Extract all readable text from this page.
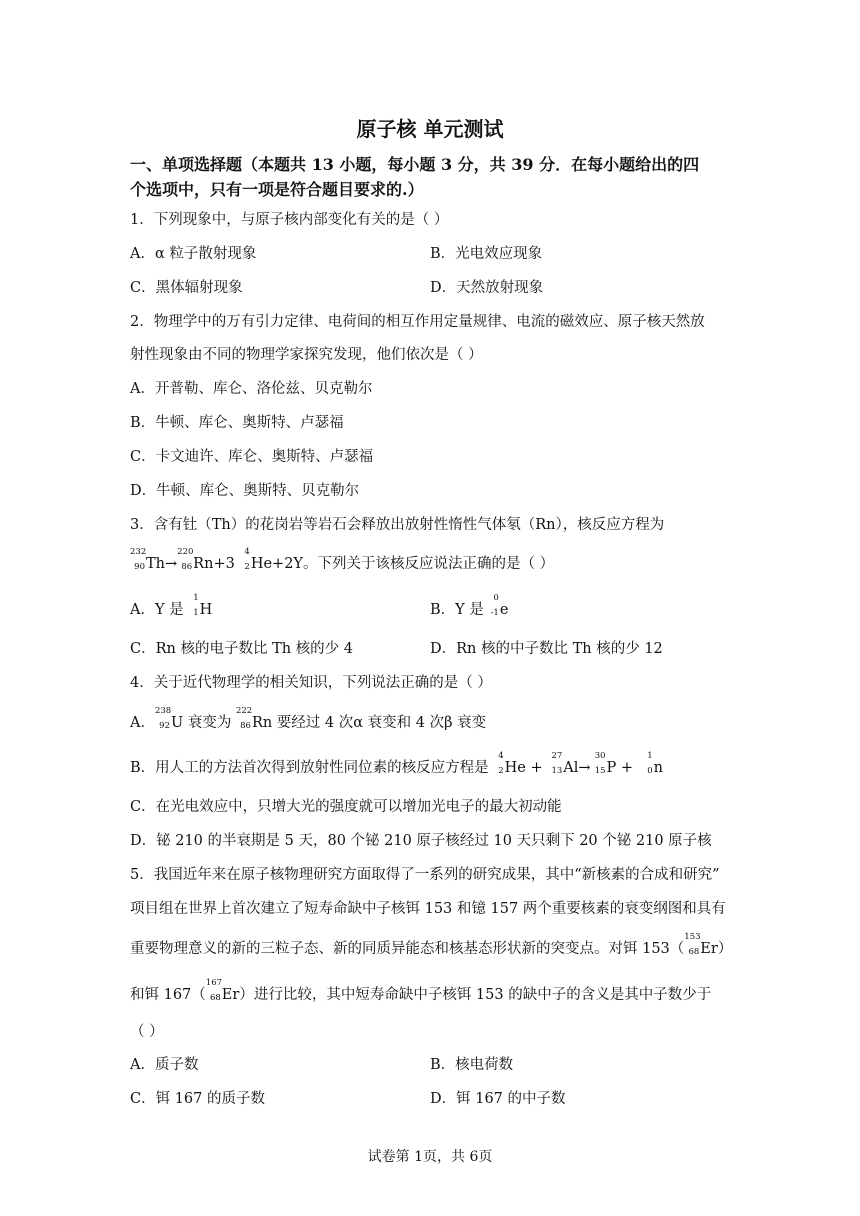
原子核 单元测试
一、单项选择题（本题共 13 小题，每小题 3 分，共 39 分．在每小题给出的四
个选项中，只有一项是符合题目要求的.）
1．下列现象中，与原子核内部变化有关的是（ ）
A．α 粒子散射现象	B．光电效应现象
C．黑体辐射现象	D．天然放射现象
2．物理学中的万有引力定律、电荷间的相互作用定量规律、电流的磁效应、原子核天然放
射性现象由不同的物理学家探究发现，他们依次是（ ）
A．开普勒、库仑、洛伦兹、贝克勒尔
B．牛顿、库仑、奥斯特、卢瑟福
C．卡文迪许、库仑、奥斯特、卢瑟福
D．牛顿、库仑、奥斯特、贝克勒尔
3．含有钍（Th）的花岗岩等岩石会释放出放射性惰性气体氡（Rn），核反应方程为
232
90 Th→
220
86 Rn+3
4
2 He+2Y。下列关于该核反应说法正确的是（ ）
A．Y 是
1
1 H	B．Y 是
0
-1 e
C．Rn 核的电子数比 Th 核的少 4	D．Rn 核的中子数比 Th 核的少 12
4．关于近代物理学的相关知识，下列说法正确的是（ ）
A．
238
92 U 衰变为
222
86 Rn 要经过 4 次α 衰变和 4 次β 衰变
B．用人工的方法首次得到放射性同位素的核反应方程是
4
2 He +
27
13 Al→
30
15 P +
1
0 n
C．在光电效应中，只增大光的强度就可以增加光电子的最大初动能
D．铋 210 的半衰期是 5 天，80 个铋 210 原子核经过 10 天只剩下 20 个铋 210 原子核
5．我国近年来在原子核物理研究方面取得了一系列的研究成果，其中“新核素的合成和研究”
项目组在世界上首次建立了短寿命缺中子核铒 153 和镱 157 两个重要核素的衰变纲图和具有
重要物理意义的新的三粒子态、新的同质异能态和核基态形状新的突变点。对铒 153（
153
68 Er）
和铒 167（
167
68 Er）进行比较，其中短寿命缺中子核铒 153 的缺中子的含义是其中子数少于
（ ）
A．质子数	B．核电荷数
C．铒 167 的质子数	D．铒 167 的中子数
试卷第 1页，共 6页
